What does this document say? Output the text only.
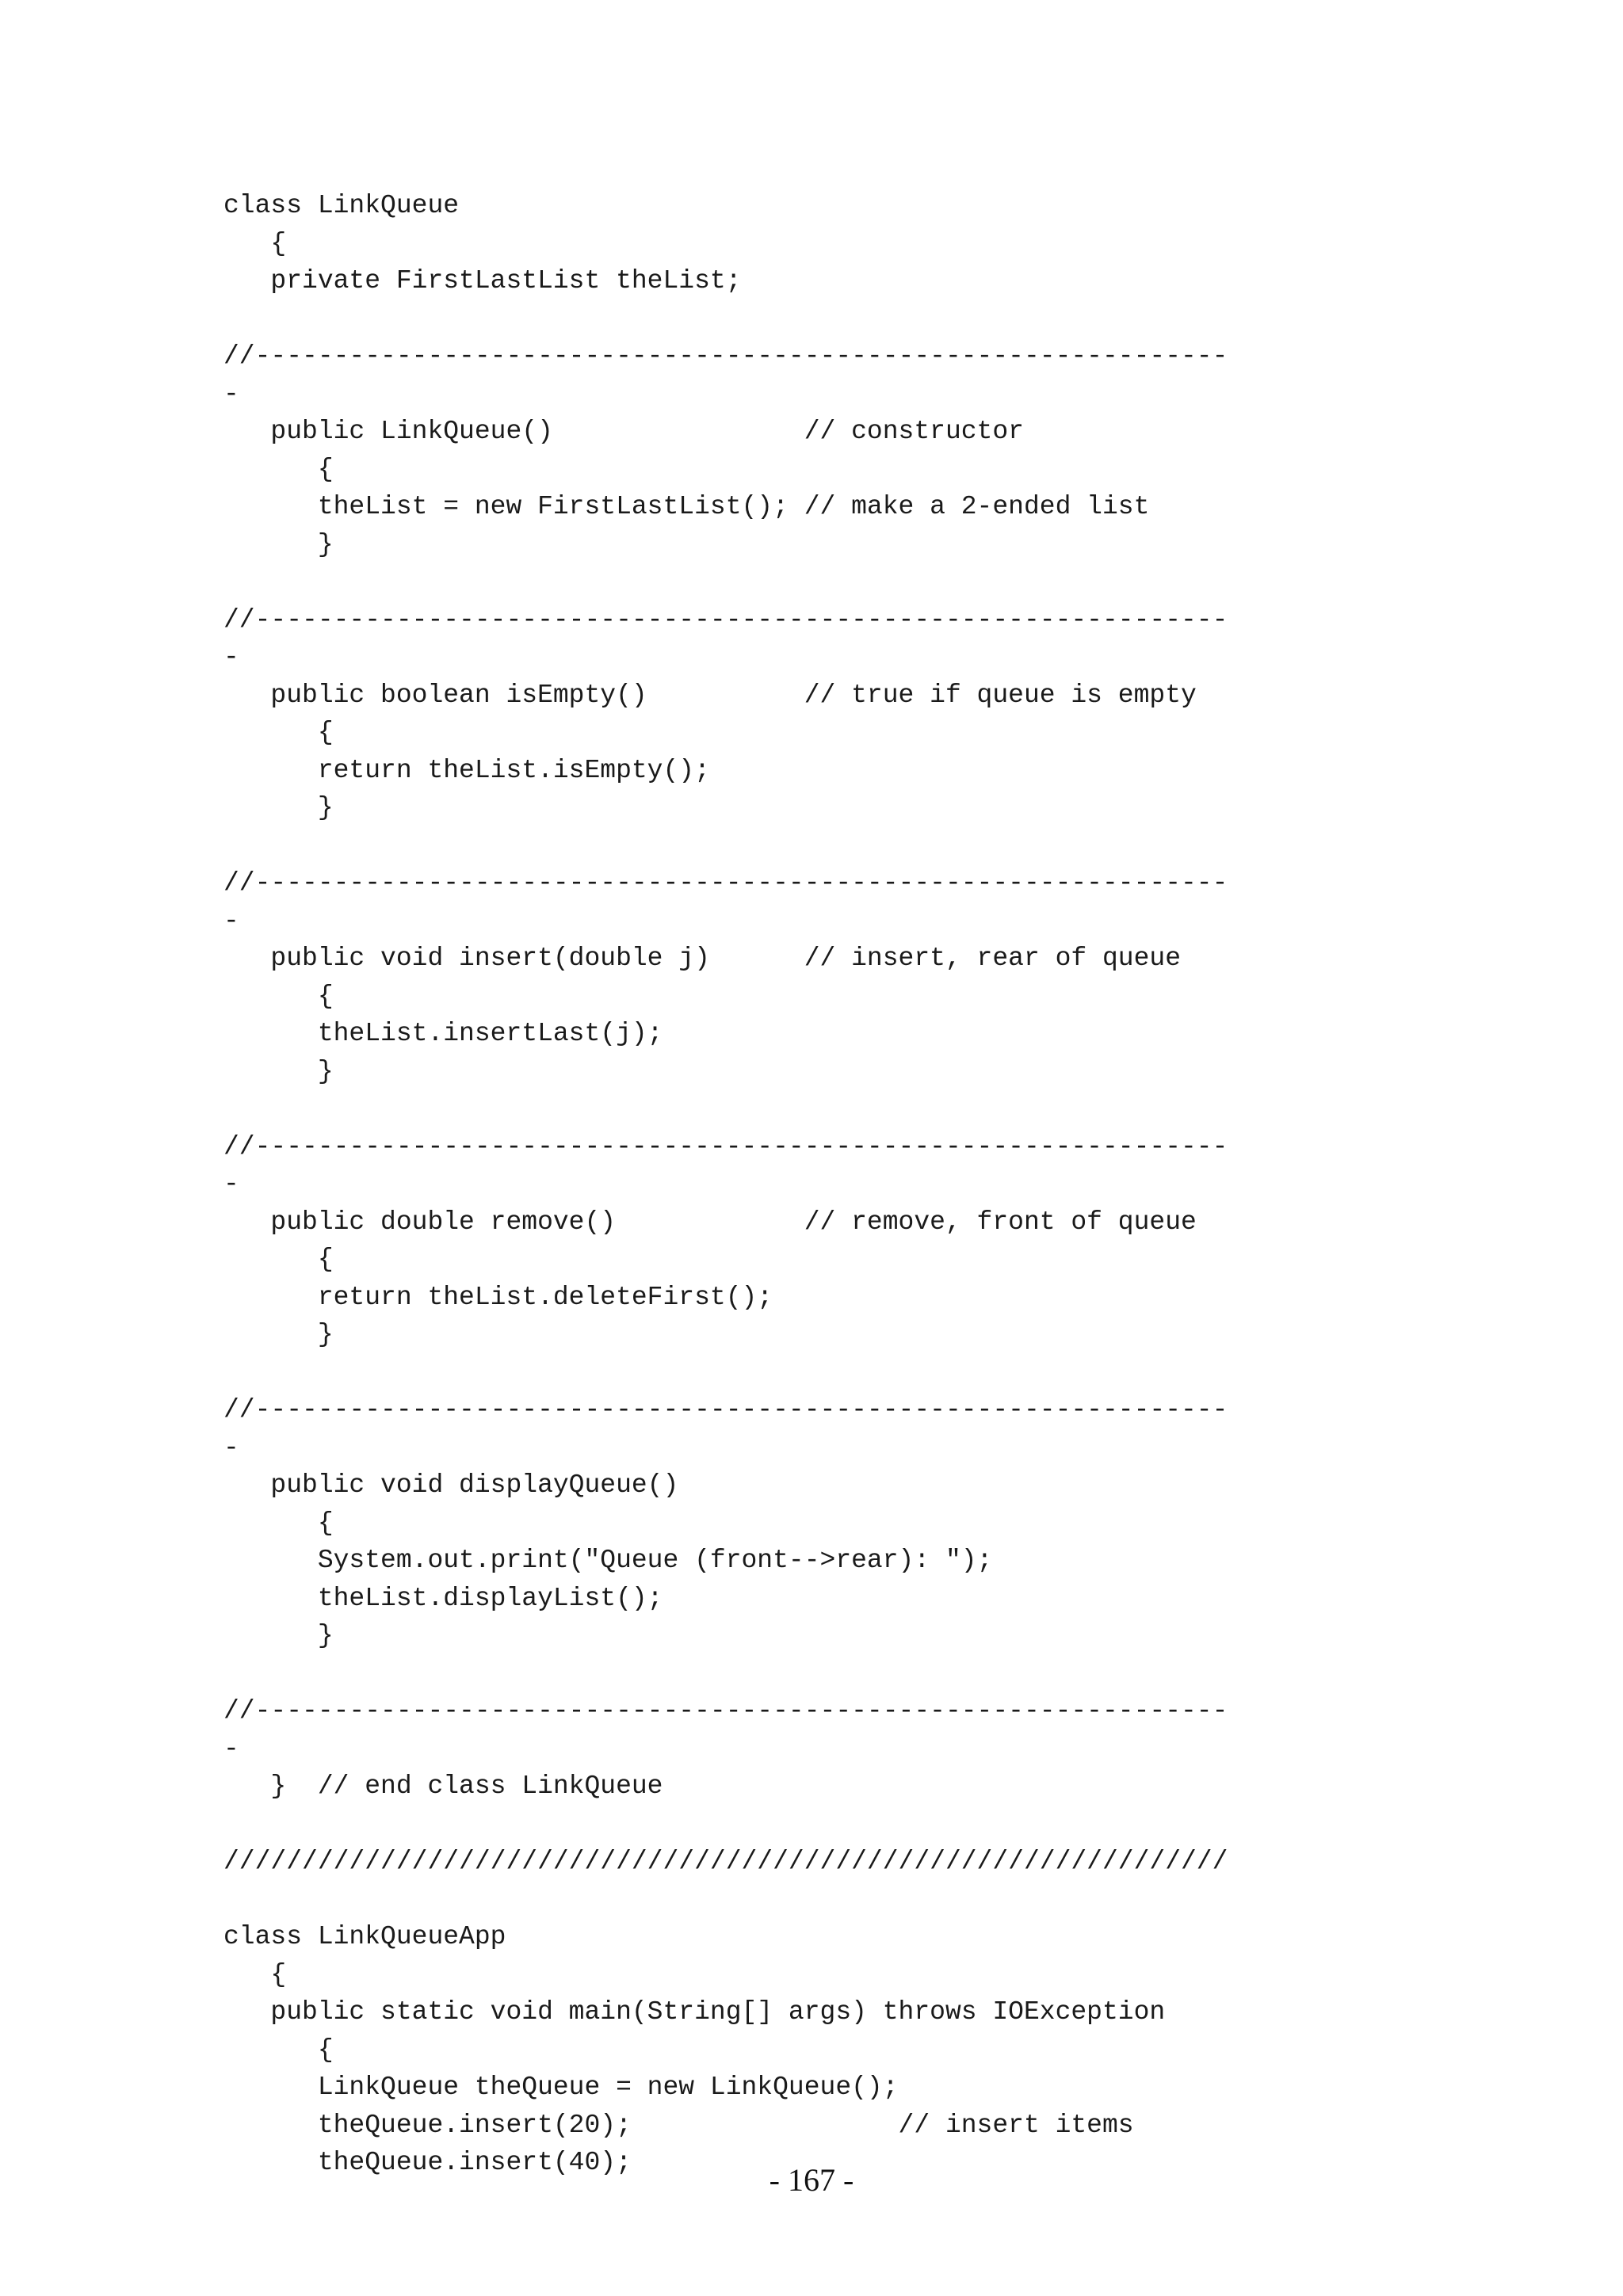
class LinkQueue
{
private FirstLastList theList;
//--------------------------------------------------------------
-
public LinkQueue()                // constructor
{
theList = new FirstLastList(); // make a 2-ended list
}
//--------------------------------------------------------------
-
public boolean isEmpty()          // true if queue is empty
{
return theList.isEmpty();
}
//--------------------------------------------------------------
-
public void insert(double j)      // insert, rear of queue
{
theList.insertLast(j);
}
//--------------------------------------------------------------
-
public double remove()            // remove, front of queue
{
return theList.deleteFirst();
}
//--------------------------------------------------------------
-
public void displayQueue()
{
System.out.print("Queue (front-->rear): ");
theList.displayList();
}
//--------------------------------------------------------------
-
}  // end class LinkQueue
////////////////////////////////////////////////////////////////
class LinkQueueApp
{
public static void main(String[] args) throws IOException
{
LinkQueue theQueue = new LinkQueue();
theQueue.insert(20);                 // insert items
theQueue.insert(40);	- 167 -
